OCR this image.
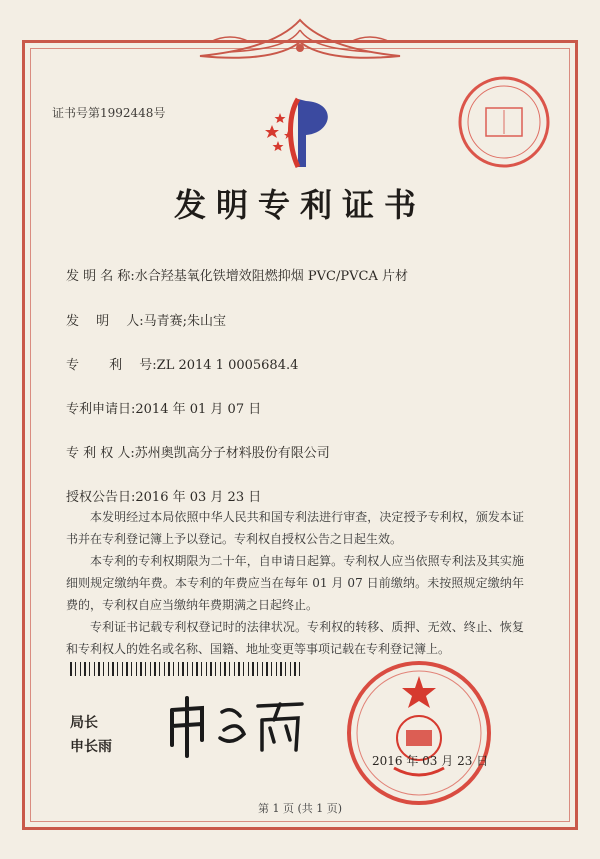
证书号第1992448号
发明专利证书
发 明 名 称:水合羟基氧化铁增效阻燃抑烟 PVC/PVCA 片材
发　 明　 人:马青赛;朱山宝
专　　 利　 号:ZL 2014 1 0005684.4
专利申请日:2014 年 01 月 07 日
专 利 权 人:苏州奥凯高分子材料股份有限公司
授权公告日:2016 年 03 月 23 日

本发明经过本局依照中华人民共和国专利法进行审查，决定授予专利权，颁发本证书并在专利登记簿上予以登记。专利权自授权公告之日起生效。

本专利的专利权期限为二十年，自申请日起算。专利权人应当依照专利法及其实施细则规定缴纳年费。本专利的年费应当在每年 01 月 07 日前缴纳。未按照规定缴纳年费的，专利权自应当缴纳年费期满之日起终止。

专利证书记载专利权登记时的法律状况。专利权的转移、质押、无效、终止、恢复和专利权人的姓名或名称、国籍、地址变更等事项记载在专利登记簿上。

局长
申长雨
2016 年 03 月 23 日
第 1 页 (共 1 页)
